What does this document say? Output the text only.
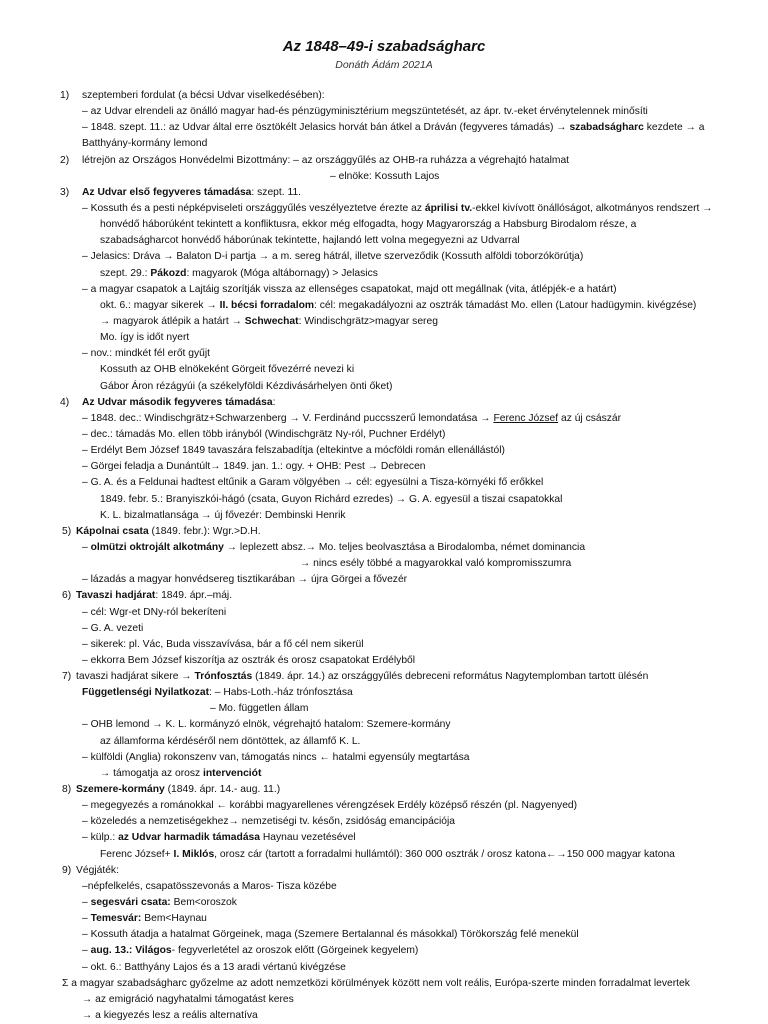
Az 1848–49-i szabadságharc
Donáth Ádám 2021A
1) szeptemberi fordulat (a bécsi Udvar viselkedésében):
– az Udvar elrendeli az önálló magyar had-és pénzügyminisztérium megszüntetését, az ápr. tv.-eket érvénytelennek minősíti
– 1848. szept. 11.: az Udvar által erre ösztökélt Jelasics horvát bán átkel a Dráván (fegyveres támadás) → szabadságharc kezdete → a
Batthyány-kormány lemond
2) létrejön az Országos Honvédelmi Bizottmány: – az országgyűlés az OHB-ra ruházza a végrehajtó hatalmat
– elnöke: Kossuth Lajos
3) Az Udvar első fegyveres támadása: szept. 11.
– Kossuth és a pesti népképviseleti országgyűlés veszélyeztetve érezte az áprilisi tv.-ekkel kivívott önállóságot, alkotmányos rendszert →
honvédő háborúként tekintett a konfliktusra, ekkor még elfogadta, hogy Magyarország a Habsburg Birodalom része, a
szabadságharcot honvédő háborúnak tekintette, hajlandó lett volna megegyezni az Udvarral
– Jelasics: Dráva → Balaton D-i partja → a m. sereg hátrál, illetve szerveződik (Kossuth alföldi toborzókörútja)
szept. 29.: Pákozd: magyarok (Móga altábornagy) > Jelasics
– a magyar csapatok a Lajtáig szorítják vissza az ellenséges csapatokat, majd ott megállnak (vita, átlépjék-e a határt)
okt. 6.: magyar sikerek → II. bécsi forradalom: cél: megakadályozni az osztrák támadást Mo. ellen (Latour hadügymin. kivégzése)
→ magyarok átlépik a határt → Schwechat: Windischgrätz>magyar sereg
Mo. így is időt nyert
– nov.: mindkét fél erőt gyűjt
Kossuth az OHB elnökeként Görgeit fővezérré nevezi ki
Gábor Áron rézágyúi (a székelyföldi Kézdivásárhelyen önti őket)
4) Az Udvar második fegyveres támadása:
– 1848. dec.: Windischgrätz+Schwarzenberg → V. Ferdinánd puccsszerű lemondatása → Ferenc József az új császár
– dec.: támadás Mo. ellen több irányból (Windischgrätz Ny-ról, Puchner Erdélyt)
– Erdélyt Bem József 1849 tavaszára felszabadítja (eltekintve a mócföldi román ellenállástól)
– Görgei feladja a Dunántúlt→ 1849. jan. 1.: ogy. + OHB: Pest → Debrecen
– G. A. és a Feldunai hadtest eltűnik a Garam völgyében → cél: egyesülni a Tisza-környéki fő erőkkel
1849. febr. 5.: Branyiszkói-hágó (csata, Guyon Richárd ezredes) → G. A. egyesül a tiszai csapatokkal
K. L. bizalmatlansága → új fővezér: Dembinski Henrik
5) Kápolnai csata (1849. febr.): Wgr.>D.H.
– olmützi oktrojált alkotmány → leplezett absz.→ Mo. teljes beolvasztása a Birodalomba, német dominancia
→ nincs esély többé a magyarokkal való kompromisszumra
– lázadás a magyar honvédsereg tisztikarában → újra Görgei a fővezér
6) Tavaszi hadjárat: 1849. ápr.–máj.
– cél: Wgr-et DNy-ról bekeríteni
– G. A. vezeti
– sikerek: pl. Vác, Buda visszavívása, bár a fő cél nem sikerül
– ekkorra Bem József kiszorítja az osztrák és orosz csapatokat Erdélyből
7) tavaszi hadjárat sikere → Trónfosztás (1849. ápr. 14.) az országgyűlés debreceni református Nagytemplomban tartott ülésén
Függetlenségi Nyilatkozat: – Habs-Loth.-ház trónfosztása
– Mo. független állam
– OHB lemond → K. L. kormányzó elnök, végrehajtó hatalom: Szemere-kormány
az államforma kérdéséről nem döntöttek, az államfő K. L.
– külföldi (Anglia) rokonszenv van, támogatás nincs ← hatalmi egyensúly megtartása
→ támogatja az orosz intervenciót
8) Szemere-kormány (1849. ápr. 14.- aug. 11.)
– megegyezés a románokkal ← korábbi magyarellenes vérengzések Erdély középső részén (pl. Nagyenyed)
– közeledés a nemzetiségekhez→ nemzetiségi tv. későn, zsidóság emancipációja
– külp.: az Udvar harmadik támadása Haynau vezetésével
Ferenc József+ I. Miklós, orosz cár (tartott a forradalmi hullámtól): 360 000 osztrák / orosz katona←→150 000 magyar katona
9) Végjáték:
–népfelkelés, csapatösszevonás a Maros- Tisza közébe
– segesvári csata: Bem<oroszok
– Temesvár: Bem<Haynau
– Kossuth átadja a hatalmat Görgeinek, maga (Szemere Bertalannal és másokkal) Törökország felé menekül
– aug. 13.: Világos- fegyverletétel az oroszok előtt (Görgeinek kegyelem)
– okt. 6.: Batthyány Lajos és a 13 aradi vértanú kivégzése
Σ a magyar szabadságharc győzelme az adott nemzetközi körülmények között nem volt reális, Európa-szerte minden forradalmat levertek
→ az emigráció nagyhatalmi támogatást keres
→ a kiegyezés lesz a reális alternatíva
